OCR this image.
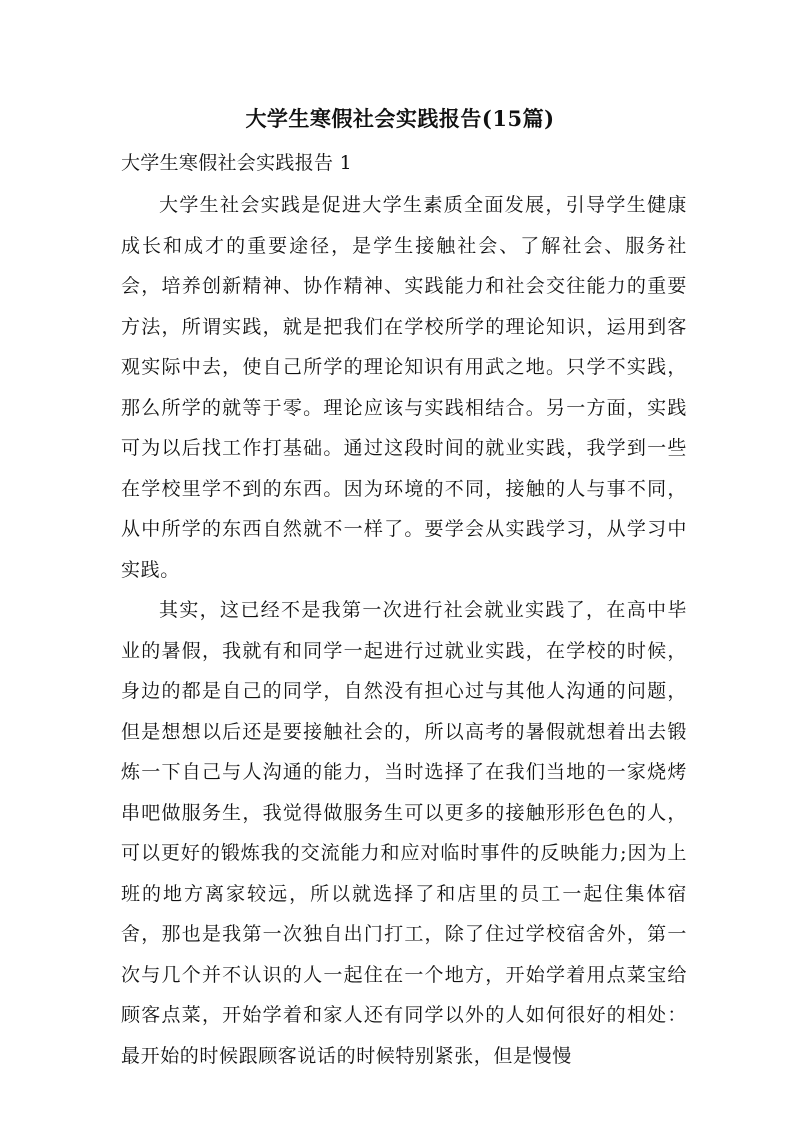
大学生寒假社会实践报告(15篇)
大学生寒假社会实践报告 1

大学生社会实践是促进大学生素质全面发展，引导学生健康成长和成才的重要途径，是学生接触社会、了解社会、服务社会，培养创新精神、协作精神、实践能力和社会交往能力的重要方法，所谓实践，就是把我们在学校所学的理论知识，运用到客观实际中去，使自己所学的理论知识有用武之地。只学不实践，那么所学的就等于零。理论应该与实践相结合。另一方面，实践可为以后找工作打基础。通过这段时间的就业实践，我学到一些在学校里学不到的东西。因为环境的不同，接触的人与事不同，从中所学的东西自然就不一样了。要学会从实践学习，从学习中实践。

其实，这已经不是我第一次进行社会就业实践了，在高中毕业的暑假，我就有和同学一起进行过就业实践，在学校的时候，身边的都是自己的同学，自然没有担心过与其他人沟通的问题，但是想想以后还是要接触社会的，所以高考的暑假就想着出去锻炼一下自己与人沟通的能力，当时选择了在我们当地的一家烧烤串吧做服务生，我觉得做服务生可以更多的接触形形色色的人，可以更好的锻炼我的交流能力和应对临时事件的反映能力;因为上班的地方离家较远，所以就选择了和店里的员工一起住集体宿舍，那也是我第一次独自出门打工，除了住过学校宿舍外，第一次与几个并不认识的人一起住在一个地方，开始学着用点菜宝给顾客点菜，开始学着和家人还有同学以外的人如何很好的相处：最开始的时候跟顾客说话的时候特别紧张，但是慢慢
